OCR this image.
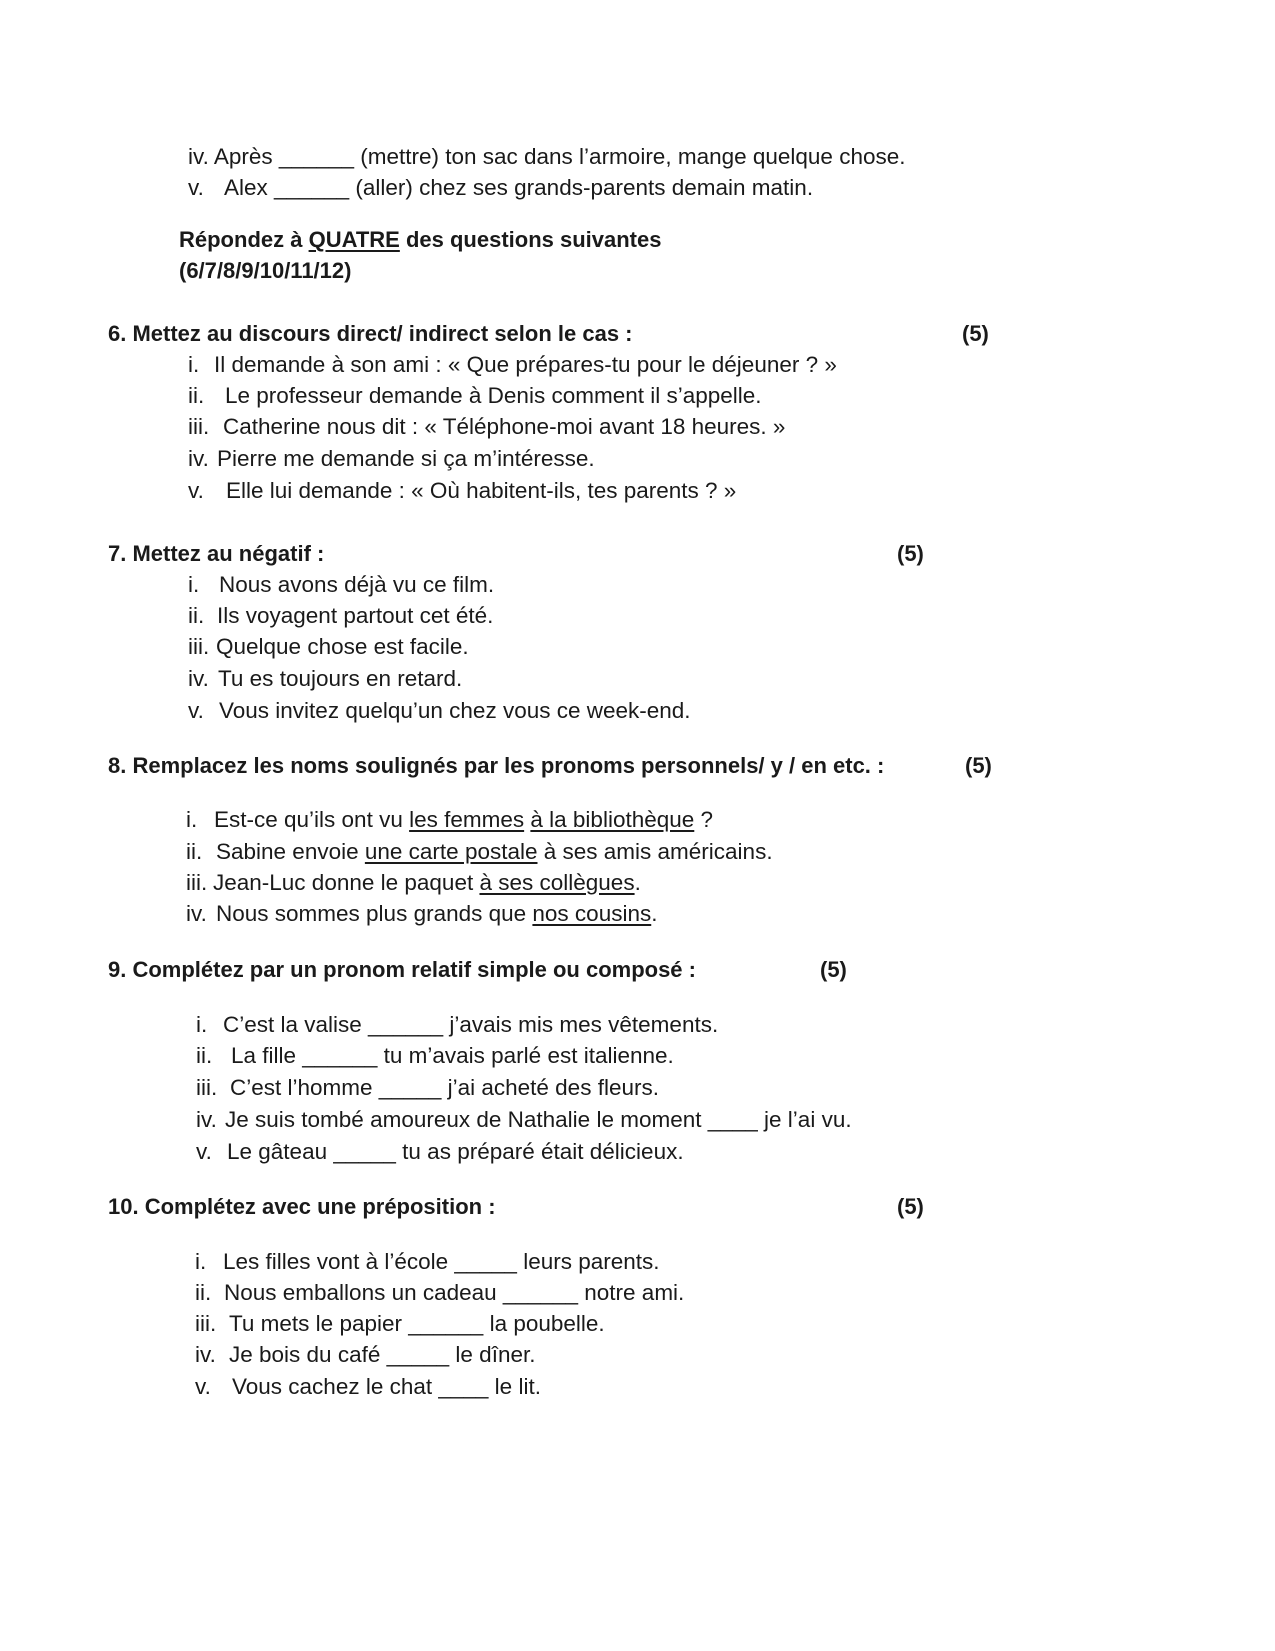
iv. Après ______ (mettre) ton sac dans l’armoire, mange quelque chose.
v. Alex ______ (aller) chez ses grands-parents demain matin.
Répondez à QUATRE des questions suivantes
(6/7/8/9/10/11/12)
6. Mettez au discours direct/ indirect selon le cas :	(5)
i. Il demande à son ami : « Que prépares-tu pour le déjeuner ? »
ii. Le professeur demande à Denis comment il s’appelle.
iii. Catherine nous dit : « Téléphone-moi avant 18 heures. »
iv. Pierre me demande si ça m’intéresse.
v. Elle lui demande : « Où habitent-ils, tes parents ? »
7. Mettez au négatif :	(5)
i. Nous avons déjà vu ce film.
ii. Ils voyagent partout cet été.
iii. Quelque chose est facile.
iv. Tu es toujours en retard.
v. Vous invitez quelqu’un chez vous ce week-end.
8. Remplacez les noms soulignés par les pronoms personnels/ y / en etc. :	(5)
i. Est-ce qu’ils ont vu les femmes à la bibliothèque ?
ii. Sabine envoie une carte postale à ses amis américains.
iii. Jean-Luc donne le paquet à ses collègues.
iv. Nous sommes plus grands que nos cousins.
9. Complétez par un pronom relatif simple ou composé :	(5)
i. C’est la valise ______ j’avais mis mes vêtements.
ii. La fille ______ tu m’avais parlé est italienne.
iii. C’est l’homme _____ j’ai acheté des fleurs.
iv. Je suis tombé amoureux de Nathalie le moment ____ je l’ai vu.
v. Le gâteau _____ tu as préparé était délicieux.
10. Complétez avec une préposition :	(5)
i. Les filles vont à l’école _____ leurs parents.
ii. Nous emballons un cadeau ______ notre ami.
iii. Tu mets le papier ______ la poubelle.
iv. Je bois du café _____ le dîner.
v. Vous cachez le chat ____ le lit.
